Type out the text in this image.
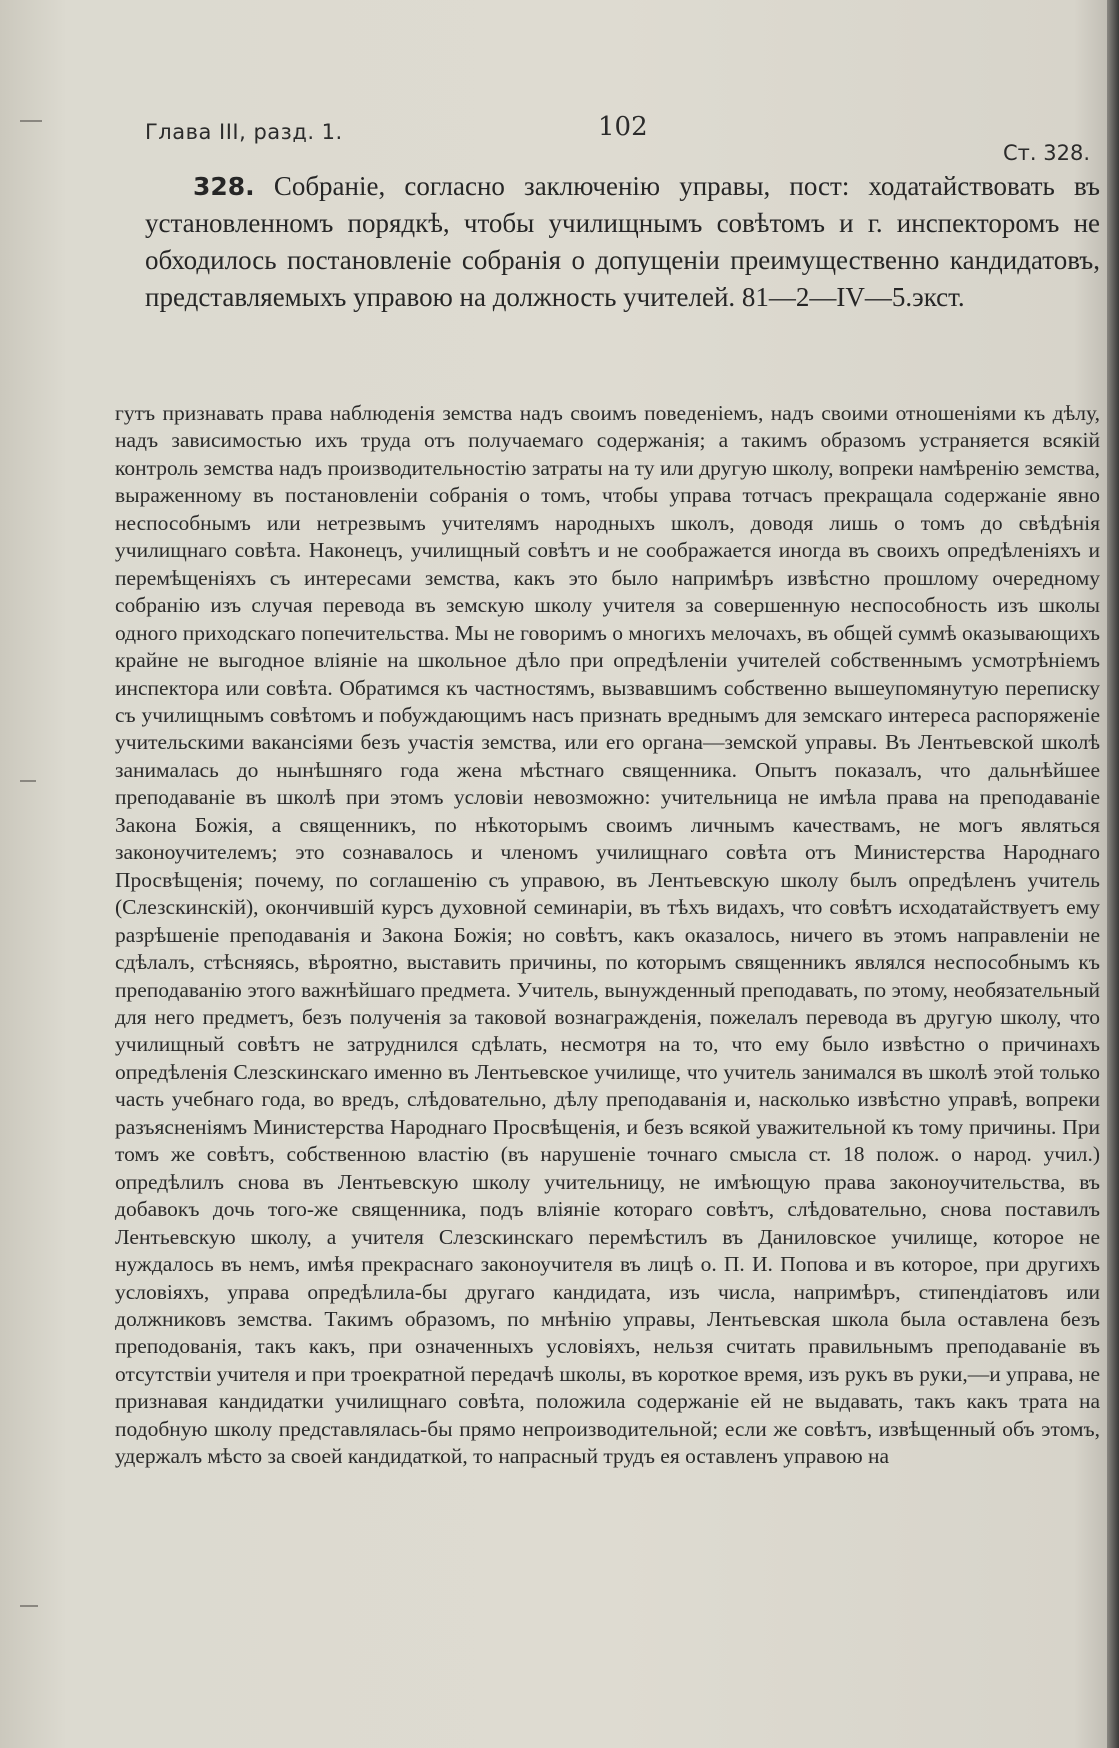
Глава III, разд. 1.	102
Ст. 328.
328. Собраніе, согласно заключенію управы, пост: ходатайствовать въ установленномъ порядкѣ, чтобы училищнымъ совѣтомъ и г. инспекторомъ не обходилось постановленіе собранія о допущеніи преимущественно кандидатовъ, представляемыхъ управою на должность учителей. 81—2—IV—5.экст.
гутъ признавать права наблюденія земства надъ своимъ поведеніемъ, надъ своими отношеніями къ дѣлу, надъ зависимостью ихъ труда отъ получаемаго содержанія; а такимъ образомъ устраняется всякій контроль земства надъ производительностію затраты на ту или другую школу, вопреки намѣренію земства, выраженному въ постановленіи собранія о томъ, чтобы управа тотчасъ прекращала содержаніе явно неспособнымъ или нетрезвымъ учителямъ народныхъ школъ, доводя лишь о томъ до свѣдѣнія училищнаго совѣта. Наконецъ, училищный совѣтъ и не соображается иногда въ своихъ опредѣленіяхъ и перемѣщеніяхъ съ интересами земства, какъ это было напримѣръ извѣстно прошлому очередному собранію изъ случая перевода въ земскую школу учителя за совершенную неспособность изъ школы одного приходскаго попечительства. Мы не говоримъ о многихъ мелочахъ, въ общей суммѣ оказывающихъ крайне не выгодное вліяніе на школьное дѣло при опредѣленіи учителей собственнымъ усмотрѣніемъ инспектора или совѣта. Обратимся къ частностямъ, вызвавшимъ собственно вышеупомянутую переписку съ училищнымъ совѣтомъ и побуждающимъ насъ признать вреднымъ для земскаго интереса распоряженіе учительскими вакансіями безъ участія земства, или его органа—земской управы. Въ Лентьевской школѣ занималась до нынѣшняго года жена мѣстнаго священника. Опытъ показалъ, что дальнѣйшее преподаваніе въ школѣ при этомъ условіи невозможно: учительница не имѣла права на преподаваніе Закона Божія, а священникъ, по нѣкоторымъ своимъ личнымъ качествамъ, не могъ являться законоучителемъ; это сознавалось и членомъ училищнаго совѣта отъ Министерства Народнаго Просвѣщенія; почему, по соглашенію съ управою, въ Лентьевскую школу былъ опредѣленъ учитель (Слезскинскій), окончившій курсъ духовной семинаріи, въ тѣхъ видахъ, что совѣтъ исходатайствуетъ ему разрѣшеніе преподаванія и Закона Божія; но совѣтъ, какъ оказалось, ничего въ этомъ направленіи не сдѣлалъ, стѣсняясь, вѣроятно, выставить причины, по которымъ священникъ являлся неспособнымъ къ преподаванію этого важнѣйшаго предмета. Учитель, вынужденный преподавать, по этому, необязательный для него предметъ, безъ полученія за таковой вознагражденія, пожелалъ перевода въ другую школу, что училищный совѣтъ не затруднился сдѣлать, несмотря на то, что ему было извѣстно о причинахъ опредѣленія Слезскинскаго именно въ Лентьевское училище, что учитель занимался въ школѣ этой только часть учебнаго года, во вредъ, слѣдовательно, дѣлу преподаванія и, насколько извѣстно управѣ, вопреки разъясненіямъ Министерства Народнаго Просвѣщенія, и безъ всякой уважительной къ тому причины. При томъ же совѣтъ, собственною властію (въ нарушеніе точнаго смысла ст. 18 полож. о народ. учил.) опредѣлилъ снова въ Лентьевскую школу учительницу, не имѣющую права законоучительства, въ добавокъ дочь того-же священника, подъ вліяніе котораго совѣтъ, слѣдовательно, снова поставилъ Лентьевскую школу, а учителя Слезскинскаго перемѣстилъ въ Даниловское училище, которое не нуждалось въ немъ, имѣя прекраснаго законоучителя въ лицѣ о. П. И. Попова и въ которое, при другихъ условіяхъ, управа опредѣлила-бы другаго кандидата, изъ числа, напримѣръ, стипендіатовъ или должниковъ земства. Такимъ образомъ, по мнѣнію управы, Лентьевская школа была оставлена безъ преподованія, такъ какъ, при означенныхъ условіяхъ, нельзя считать правильнымъ преподаваніе въ отсутствіи учителя и при троекратной передачѣ школы, въ короткое время, изъ рукъ въ руки,—и управа, не признавая кандидатки училищнаго совѣта, положила содержаніе ей не выдавать, такъ какъ трата на подобную школу представлялась-бы прямо непроизводительной; если же совѣтъ, извѣщенный объ этомъ, удержалъ мѣсто за своей кандидаткой, то напрасный трудъ ея оставленъ управою на
